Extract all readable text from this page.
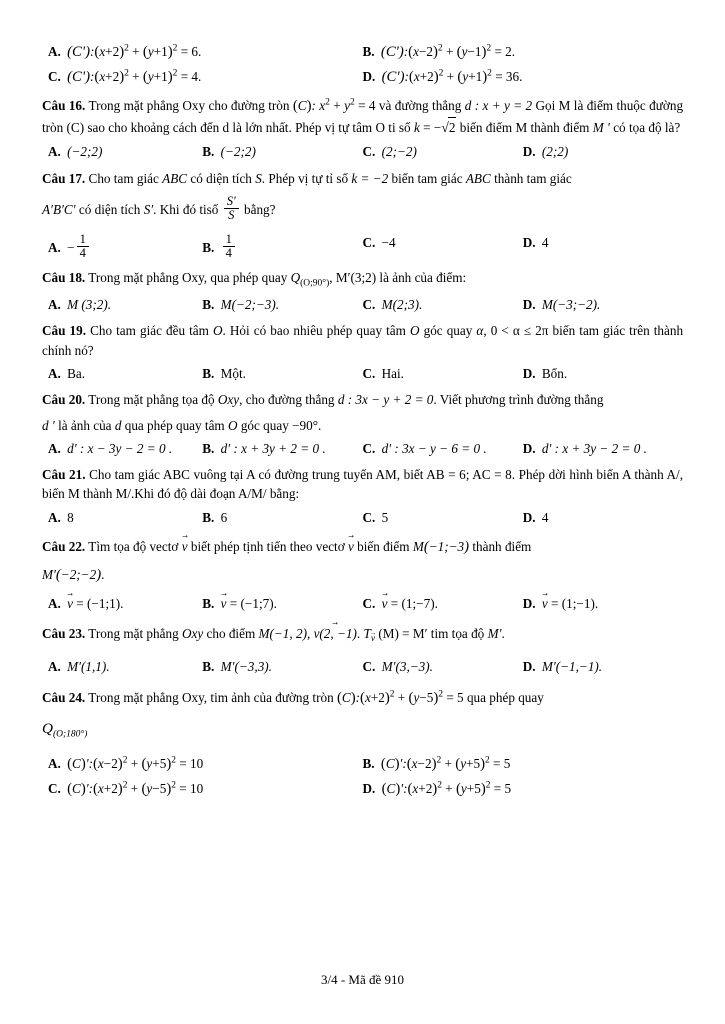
A. $(C'):(x+2)^2 + (y+1)^2 = 6$.	B. $(C'):(x-2)^2 + (y-1)^2 = 2$.
C. $(C'):(x+2)^2 + (y+1)^2 = 4$.	D. $(C'):(x+2)^2 + (y+1)^2 = 36$.
Câu 16. Trong mặt phẳng Oxy cho đường tròn (C): $x^2 + y^2 = 4$ và đường thẳng d : x + y = 2 Gọi M là điểm thuộc đường tròn (C) sao cho khoảng cách đến d là lớn nhất. Phép vị tự tâm O ti số k = −√2 biến điểm M thành điểm M ′ có tọa độ là?
A. (−2;2)	B. (−2;2)	C. (2;−2)	D. (2;2)
Câu 17. Cho tam giác ABC có diện tích S. Phép vị tự tỉ số k = −2 biến tam giác ABC thành tam giác
A′B′C′ có diện tích S′. Khi đó tisố $\frac{S'}{S}$ bằng?
A. − $\frac{1}{4}$	B. $\frac{1}{4}$	C. −4	D. 4
Câu 18. Trong mặt phẳng Oxy, qua phép quay $Q_{(O;90^\circ)}$, M′(3;2) là ảnh của điểm:
A. M (3;2).	B. M(−2;−3).	C. M(2;3).	D. M(−3;−2).
Câu 19. Cho tam giác đều tâm O. Hỏi có bao nhiêu phép quay tâm O góc quay α, 0 < α ≤ 2π biến tam giác trên thành chính nó?
A. Ba.	B. Một.	C. Hai.	D. Bốn.
Câu 20. Trong mặt phẳng tọa độ Oxy, cho đường thẳng d : 3x − y + 2 = 0. Viết phương trình đường thẳng
d ′ là ảnh của d qua phép quay tâm O góc quay −90°.
A. d′ : x − 3y − 2 = 0 .	B. d′ : x + 3y + 2 = 0 .	C. d′ : 3x − y − 6 = 0 .	D. d′ : x + 3y − 2 = 0 .
Câu 21. Cho tam giác ABC vuông tại A có đường trung tuyến AM, biết AB = 6; AC = 8. Phép dời hình biến A thành A/, biến M thành M/.Khi đó độ dài đoạn A/M/ bằng:
A. 8	B. 6	C. 5	D. 4
Câu 22. Tìm tọa độ vectơ → v biết phép tịnh tiến theo vectơ → v biến điểm M(−1;−3) thành điểm
M′(−2;−2).
A. → v = (−1;1).	B. → v = (−1;7).	C. → v = (1;−7).	D. → v = (1;−1).
Câu 23. Trong mặt phẳng Oxy cho điểm M(−1, 2), → v(2, −1). T→ $_v$ (M) = M′ tim tọa độ M′.
A. M′(1,1).	B. M′(−3,3).	C. M′(3,−3).	D. M′(−1,−1).
Câu 24. Trong mặt phẳng Oxy, tim ảnh của đường tròn $(C):(x+2)^2 + (y-5)^2 = 5$ qua phép quay
$Q_{(O;180^\circ)}$
A. $(C)':(x-2)^2 + (y+5)^2 = 10$	B. $(C)':(x-2)^2 + (y+5)^2 = 5$
C. $(C)':(x+2)^2 + (y-5)^2 = 10$	D. $(C)':(x+2)^2 + (y+5)^2 = 5$
3/4 - Mã đề 910
